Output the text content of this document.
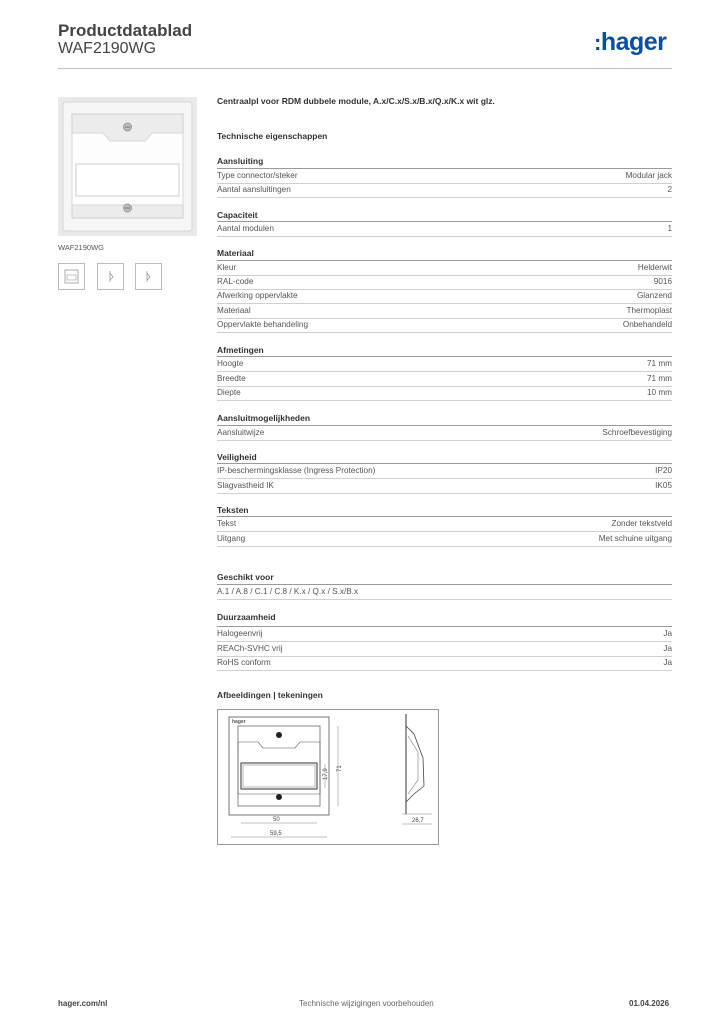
Productdatablad
WAF2190WG	:hager
WAF2190WG
Centraalpl voor RDM dubbele module, A.x/C.x/S.x/B.x/Q.x/K.x wit glz.
Technische eigenschappen
Aansluiting
Type connector/steker	Modular jack
Aantal aansluitingen	2
Capaciteit
Aantal modulen	1
Materiaal
Kleur	Helderwit
RAL-code	9016
Afwerking oppervlakte	Glanzend
Materiaal	Thermoplast
Oppervlakte behandeling	Onbehandeld
Afmetingen
Hoogte	71 mm
Breedte	71 mm
Diepte	10 mm
Aansluitmogelijkheden
Aansluitwijze	Schroefbevestiging
Veiligheid
IP-beschermingsklasse (Ingress Protection)	IP20
Slagvastheid IK	IK05
Teksten
Tekst	Zonder tekstveld
Uitgang	Met schuine uitgang
Geschikt voor
A.1 / A.8 / C.1 / C.8 / K.x / Q.x / S.x/B.x
Duurzaamheid
Halogeenvrij	Ja
REACh-SVHC vrij	Ja
RoHS conform	Ja
Afbeeldingen | tekeningen
hager
17,9 71
50
59,5
26,7
hager.com/nl	Technische wijzigingen voorbehouden	01.04.2026
